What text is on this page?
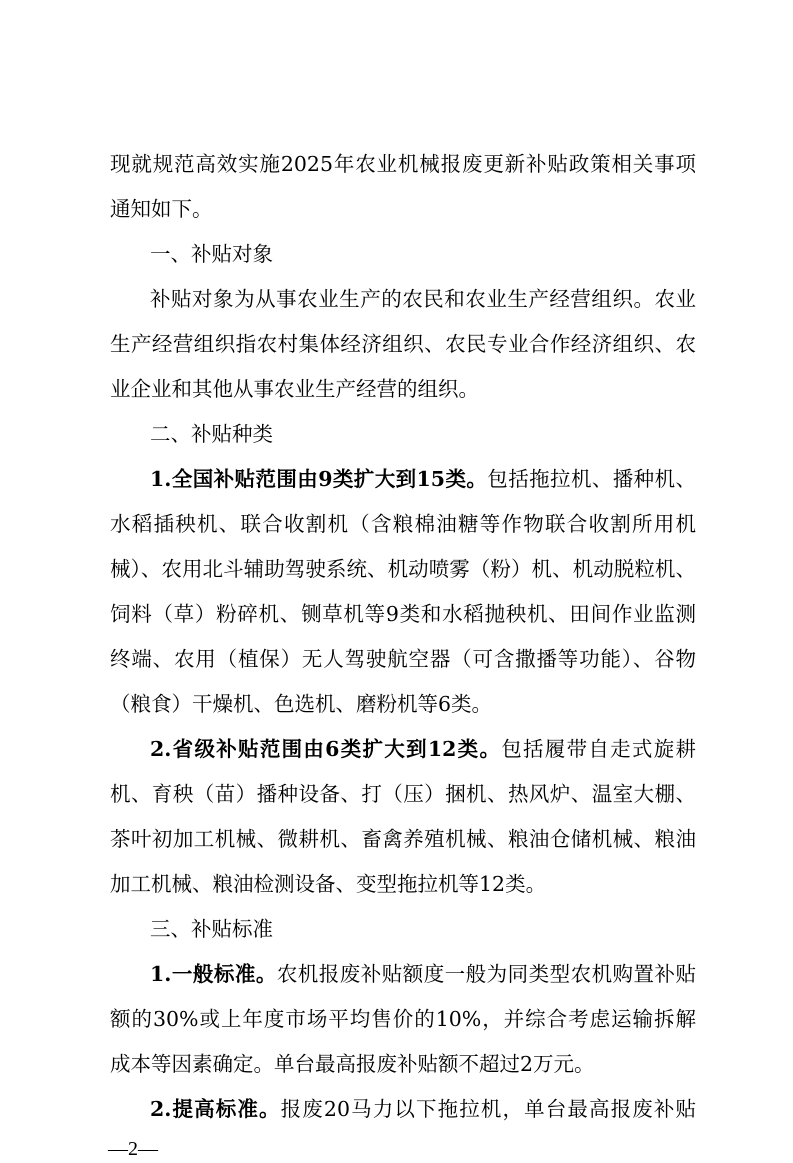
现就规范高效实施2025年农业机械报废更新补贴政策相关事项
通知如下。
一、补贴对象
补贴对象为从事农业生产的农民和农业生产经营组织。农业
生产经营组织指农村集体经济组织、农民专业合作经济组织、农
业企业和其他从事农业生产经营的组织。
二、补贴种类
1.全国补贴范围由9类扩大到15类。包括拖拉机、播种机、
水稻插秧机、联合收割机（含粮棉油糖等作物联合收割所用机
械）、农用北斗辅助驾驶系统、机动喷雾（粉）机、机动脱粒机、
饲料（草）粉碎机、铡草机等9类和水稻抛秧机、田间作业监测
终端、农用（植保）无人驾驶航空器（可含撒播等功能）、谷物
（粮食）干燥机、色选机、磨粉机等6类。
2.省级补贴范围由6类扩大到12类。包括履带自走式旋耕
机、育秧（苗）播种设备、打（压）捆机、热风炉、温室大棚、
茶叶初加工机械、微耕机、畜禽养殖机械、粮油仓储机械、粮油
加工机械、粮油检测设备、变型拖拉机等12类。
三、补贴标准
1.一般标准。农机报废补贴额度一般为同类型农机购置补贴
额的30%或上年度市场平均售价的10%，并综合考虑运输拆解
成本等因素确定。单台最高报废补贴额不超过2万元。
2.提高标准。报废20马力以下拖拉机，单台最高报废补贴
—2—
